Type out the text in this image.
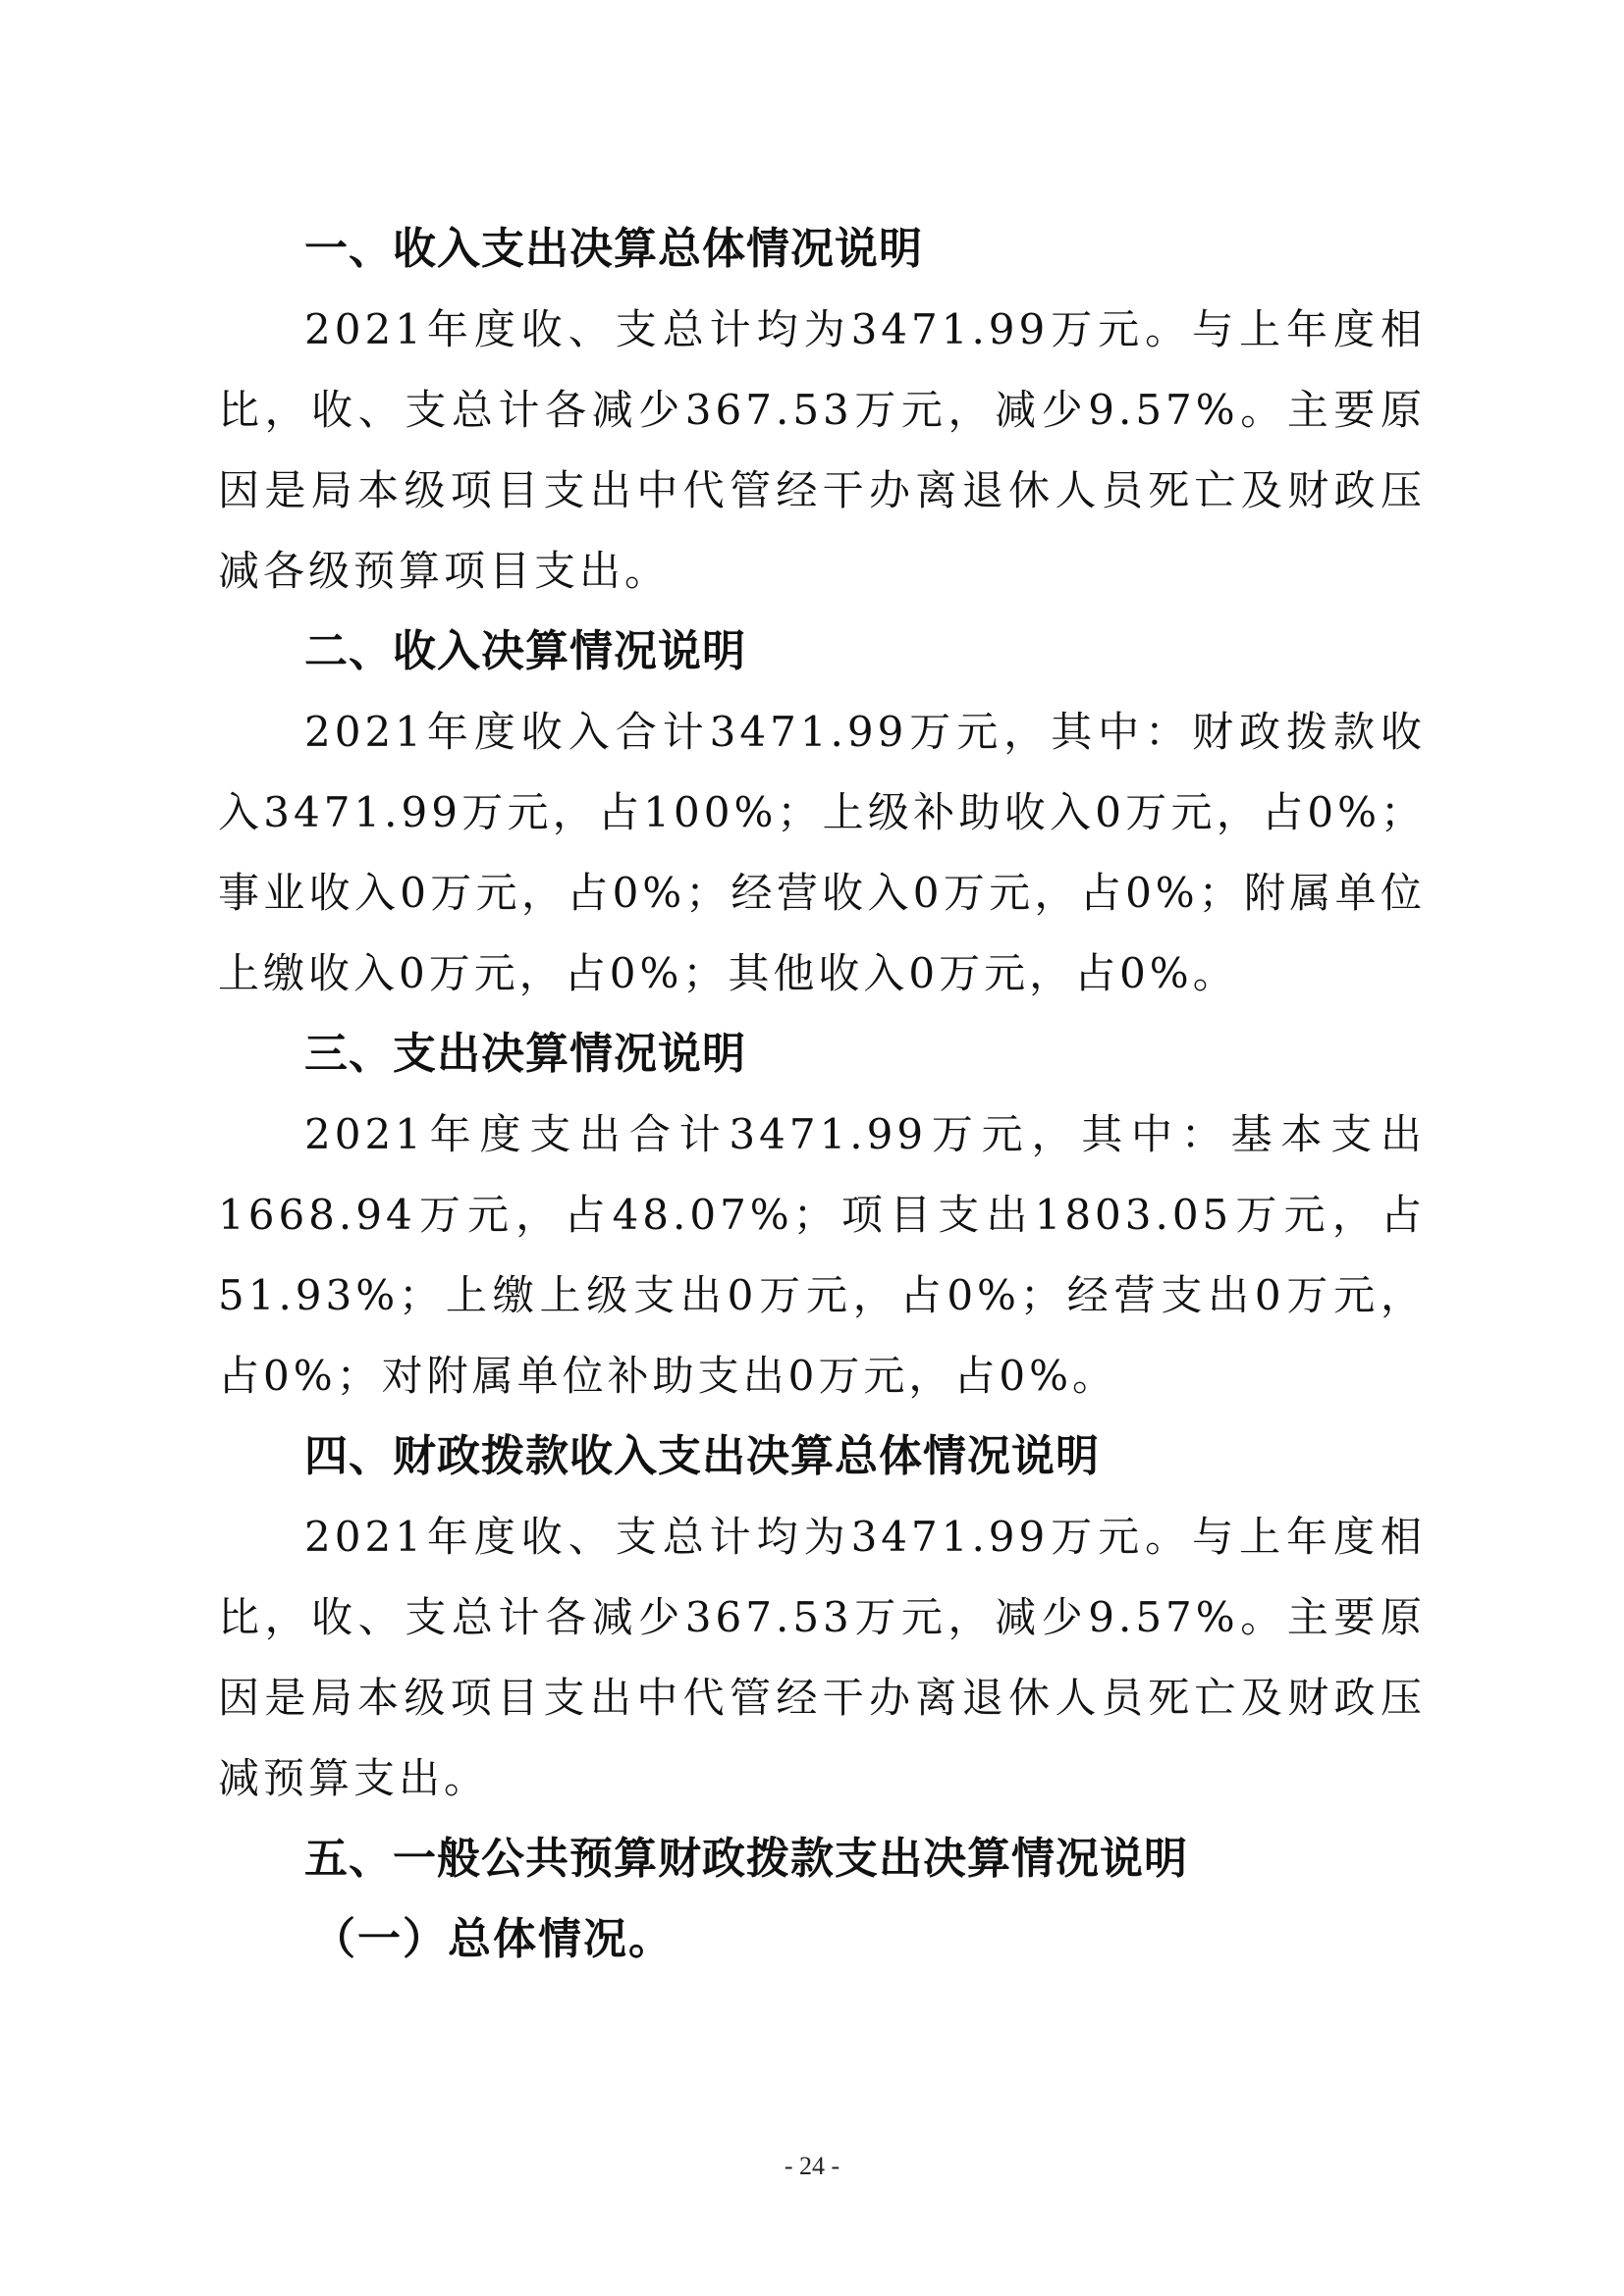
一、收入支出决算总体情况说明

2021年度收、支总计均为3471.99万元。与上年度相比，收、支总计各减少367.53万元，减少9.57%。主要原因是局本级项目支出中代管经干办离退休人员死亡及财政压减各级预算项目支出。

二、收入决算情况说明

2021年度收入合计3471.99万元，其中：财政拨款收入3471.99万元，占100%；上级补助收入0万元，占0%；事业收入0万元，占0%；经营收入0万元，占0%；附属单位上缴收入0万元，占0%；其他收入0万元，占0%。

三、支出决算情况说明

2021年度支出合计3471.99万元，其中：基本支出1668.94万元，占48.07%；项目支出1803.05万元，占51.93%；上缴上级支出0万元，占0%；经营支出0万元，占0%；对附属单位补助支出0万元，占0%。

四、财政拨款收入支出决算总体情况说明

2021年度收、支总计均为3471.99万元。与上年度相比，收、支总计各减少367.53万元，减少9.57%。主要原因是局本级项目支出中代管经干办离退休人员死亡及财政压减预算支出。

五、一般公共预算财政拨款支出决算情况说明
（一）总体情况。
- 24 -
